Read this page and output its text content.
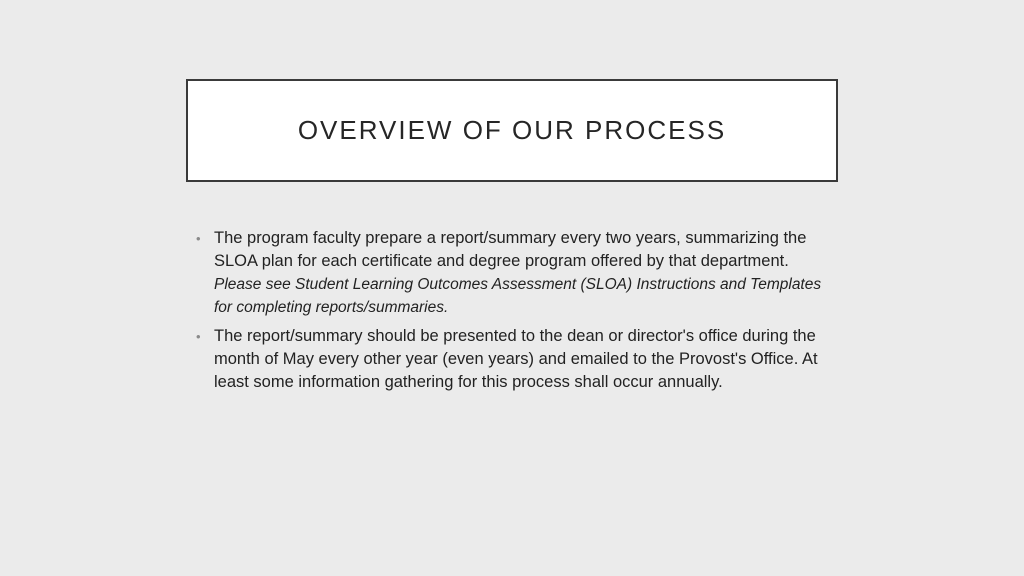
OVERVIEW OF OUR PROCESS
• The program faculty prepare a report/summary every two years, summarizing the SLOA plan for each certificate and degree program offered by that department. Please see Student Learning Outcomes Assessment (SLOA) Instructions and Templates for completing reports/summaries.
• The report/summary should be presented to the dean or director's office during the month of May every other year (even years) and emailed to the Provost's Office. At least some information gathering for this process shall occur annually.
